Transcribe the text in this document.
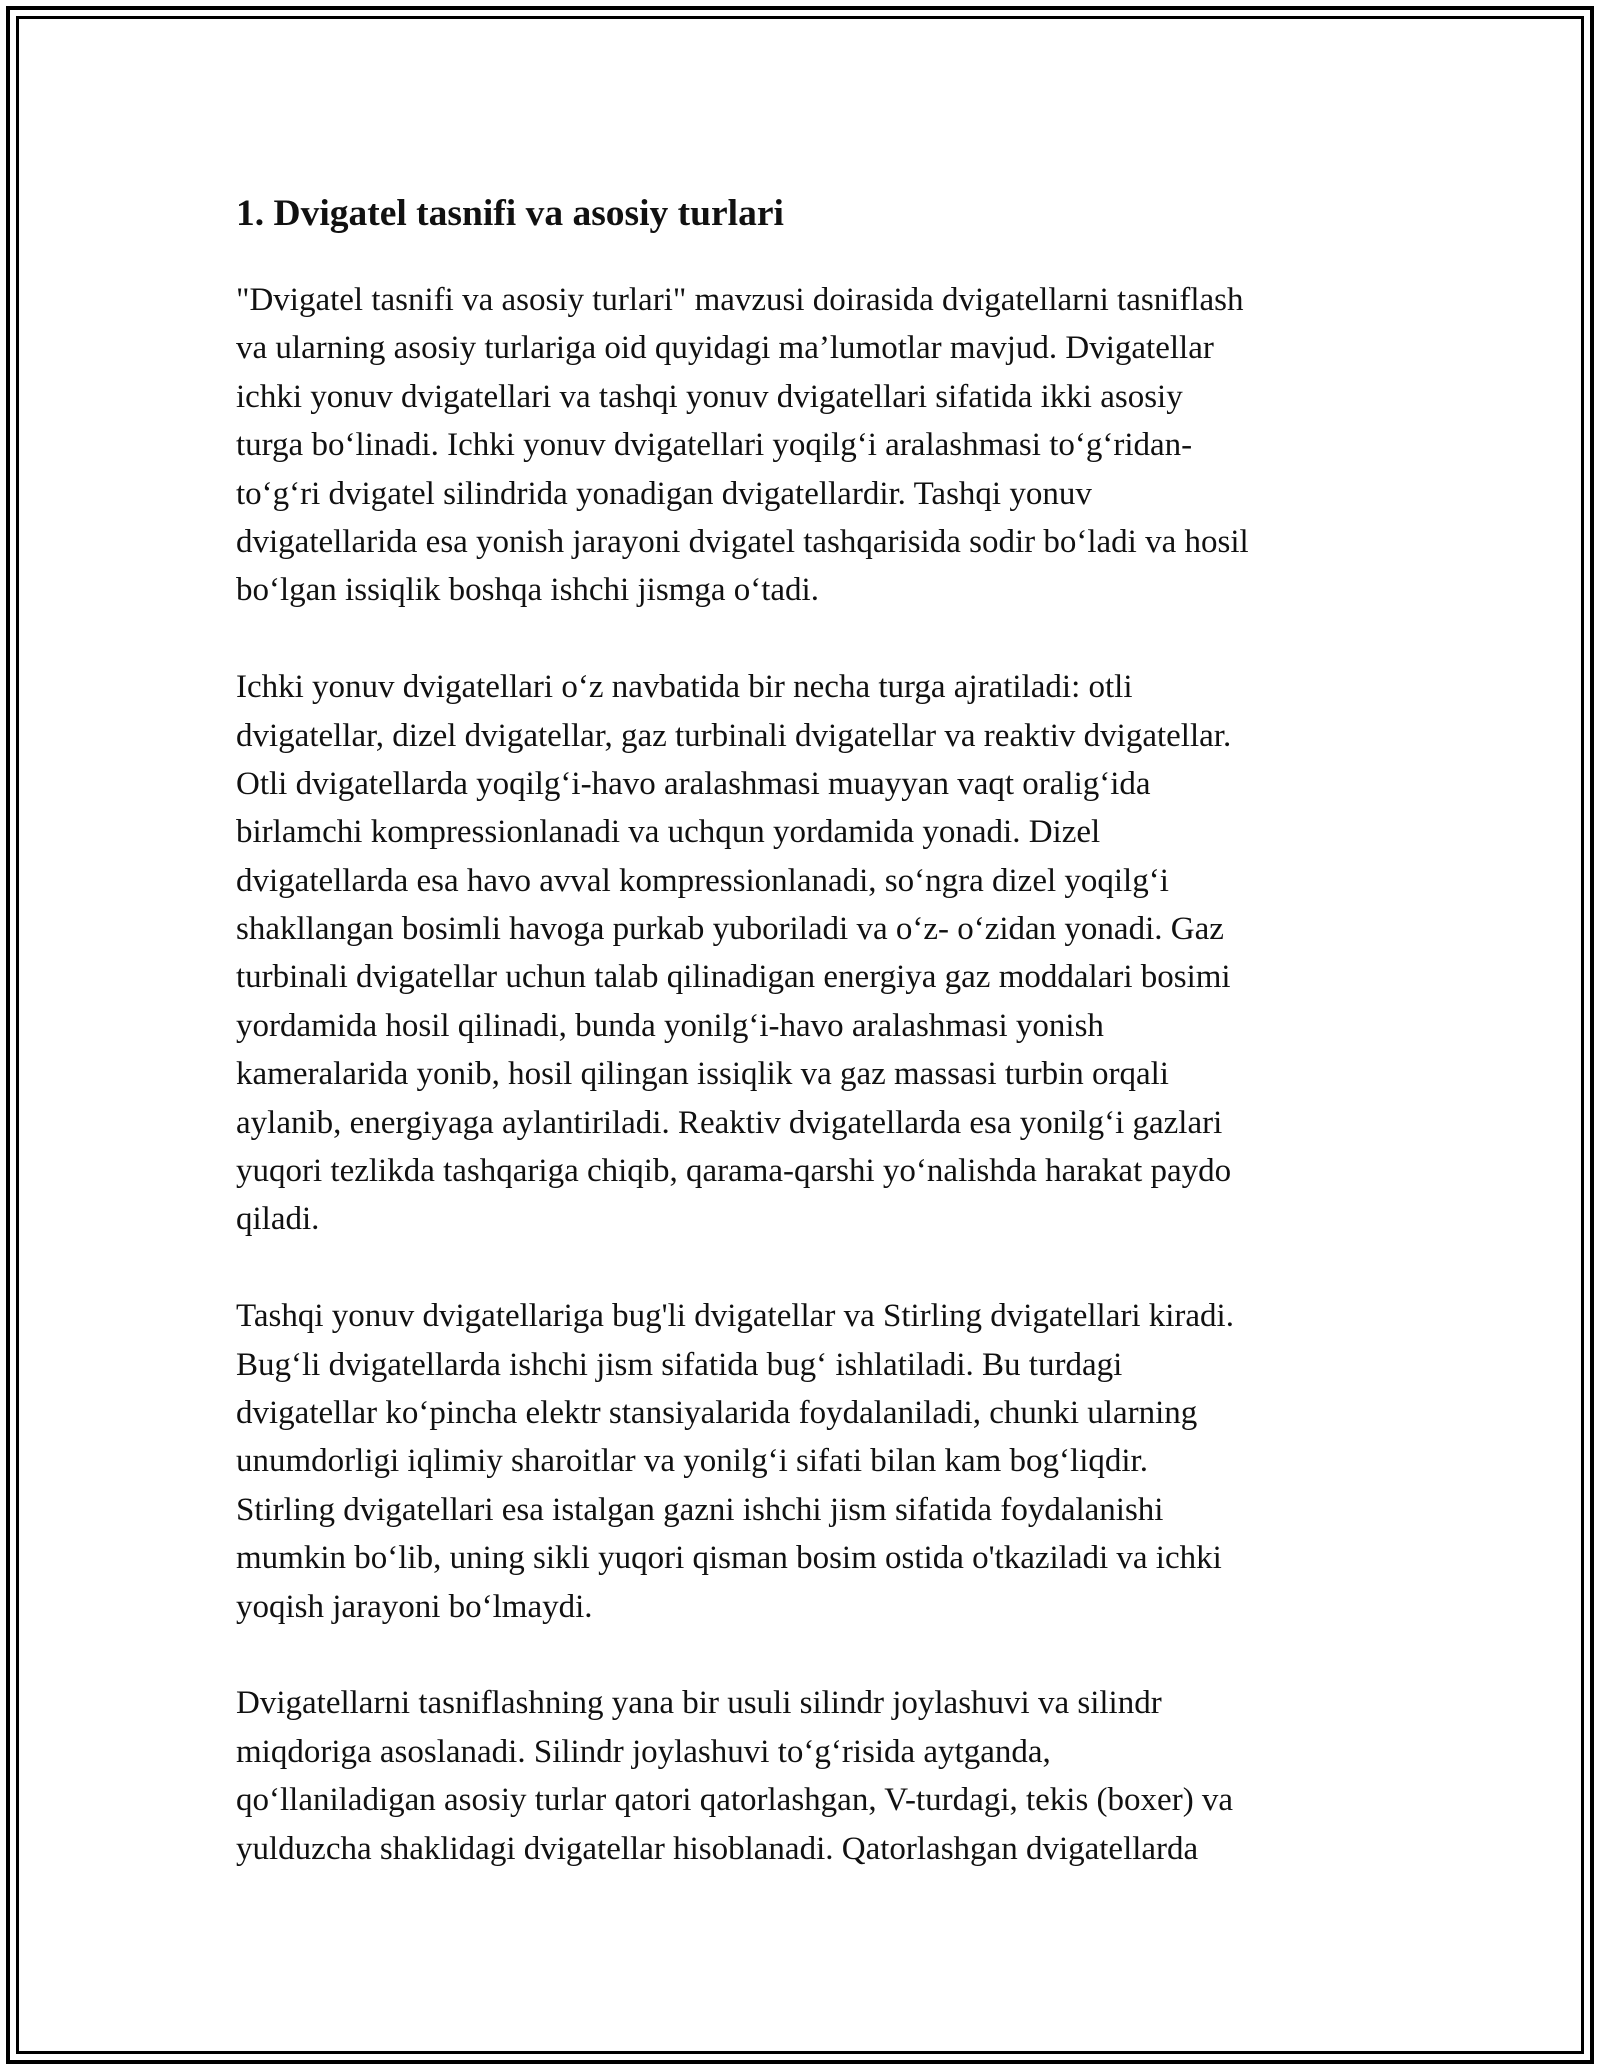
1. Dvigatel tasnifi va asosiy turlari
"Dvigatel tasnifi va asosiy turlari" mavzusi doirasida dvigatellarni tasniflash
va ularning asosiy turlariga oid quyidagi ma’lumotlar mavjud. Dvigatellar
ichki yonuv dvigatellari va tashqi yonuv dvigatellari sifatida ikki asosiy
turga bo‘linadi. Ichki yonuv dvigatellari yoqilg‘i aralashmasi to‘g‘ridan-
to‘g‘ri dvigatel silindrida yonadigan dvigatellardir. Tashqi yonuv
dvigatellarida esa yonish jarayoni dvigatel tashqarisida sodir bo‘ladi va hosil
bo‘lgan issiqlik boshqa ishchi jismga o‘tadi.
Ichki yonuv dvigatellari o‘z navbatida bir necha turga ajratiladi: otli
dvigatellar, dizel dvigatellar, gaz turbinali dvigatellar va reaktiv dvigatellar.
Otli dvigatellarda yoqilg‘i-havo aralashmasi muayyan vaqt oralig‘ida
birlamchi kompressionlanadi va uchqun yordamida yonadi. Dizel
dvigatellarda esa havo avval kompressionlanadi, so‘ngra dizel yoqilg‘i
shakllangan bosimli havoga purkab yuboriladi va o‘z- o‘zidan yonadi. Gaz
turbinali dvigatellar uchun talab qilinadigan energiya gaz moddalari bosimi
yordamida hosil qilinadi, bunda yonilg‘i-havo aralashmasi yonish
kameralarida yonib, hosil qilingan issiqlik va gaz massasi turbin orqali
aylanib, energiyaga aylantiriladi. Reaktiv dvigatellarda esa yonilg‘i gazlari
yuqori tezlikda tashqariga chiqib, qarama-qarshi yo‘nalishda harakat paydo
qiladi.
Tashqi yonuv dvigatellariga bug'li dvigatellar va Stirling dvigatellari kiradi.
Bug‘li dvigatellarda ishchi jism sifatida bug‘ ishlatiladi. Bu turdagi
dvigatellar ko‘pincha elektr stansiyalarida foydalaniladi, chunki ularning
unumdorligi iqlimiy sharoitlar va yonilg‘i sifati bilan kam bog‘liqdir.
Stirling dvigatellari esa istalgan gazni ishchi jism sifatida foydalanishi
mumkin bo‘lib, uning sikli yuqori qisman bosim ostida o'tkaziladi va ichki
yoqish jarayoni bo‘lmaydi.
Dvigatellarni tasniflashning yana bir usuli silindr joylashuvi va silindr
miqdoriga asoslanadi. Silindr joylashuvi to‘g‘risida aytganda,
qo‘llaniladigan asosiy turlar qatori qatorlashgan, V-turdagi, tekis (boxer) va
yulduzcha shaklidagi dvigatellar hisoblanadi. Qatorlashgan dvigatellarda
